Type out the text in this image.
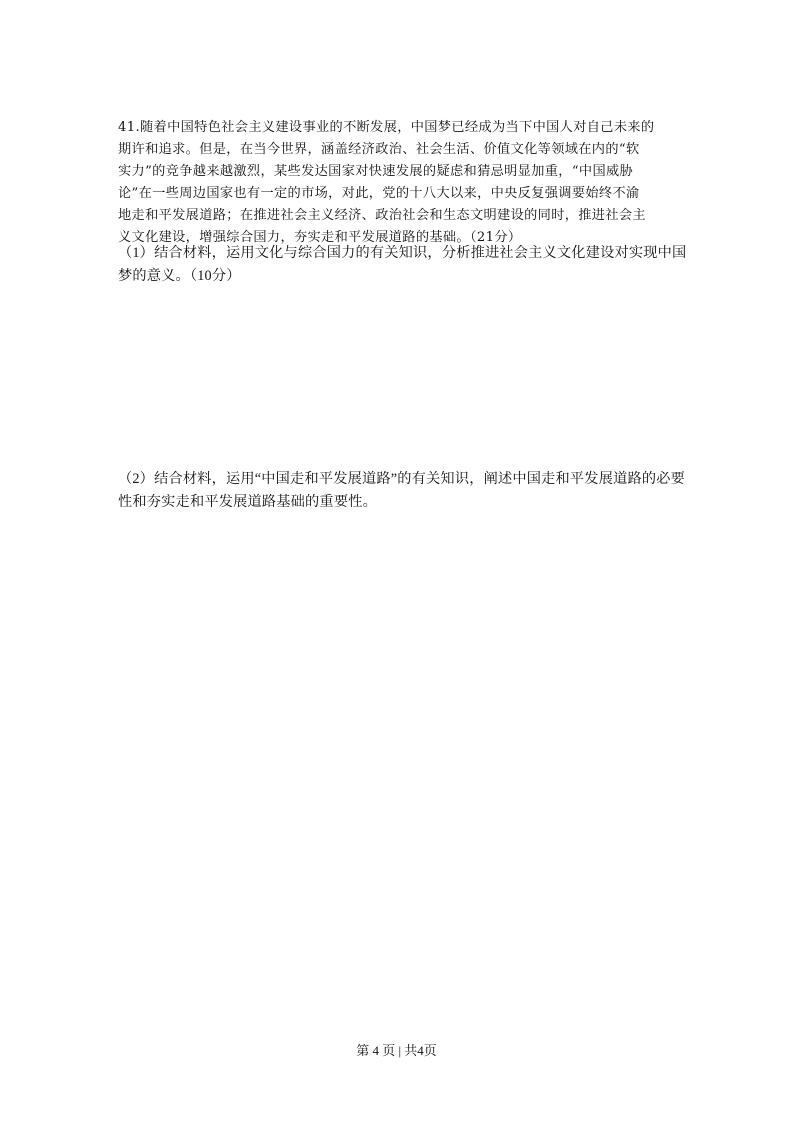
41.随着中国特色社会主义建设事业的不断发展，中国梦已经成为当下中国人对自己未来的
期许和追求。但是，在当今世界，涵盖经济政治、社会生活、价值文化等领域在内的“软
实力”的竞争越来越激烈，某些发达国家对快速发展的疑虑和猜忌明显加重，“中国威胁
论”在一些周边国家也有一定的市场，对此，党的十八大以来，中央反复强调要始终不渝
地走和平发展道路；在推进社会主义经济、政治社会和生态文明建设的同时，推进社会主
义文化建设，增强综合国力，夯实走和平发展道路的基础。（21分）
（1）结合材料，运用文化与综合国力的有关知识，分析推进社会主义文化建设对实现中国
梦的意义。（10分）
（2）结合材料，运用“中国走和平发展道路”的有关知识，阐述中国走和平发展道路的必要
性和夯实走和平发展道路基础的重要性。
第 4 页 | 共4页
